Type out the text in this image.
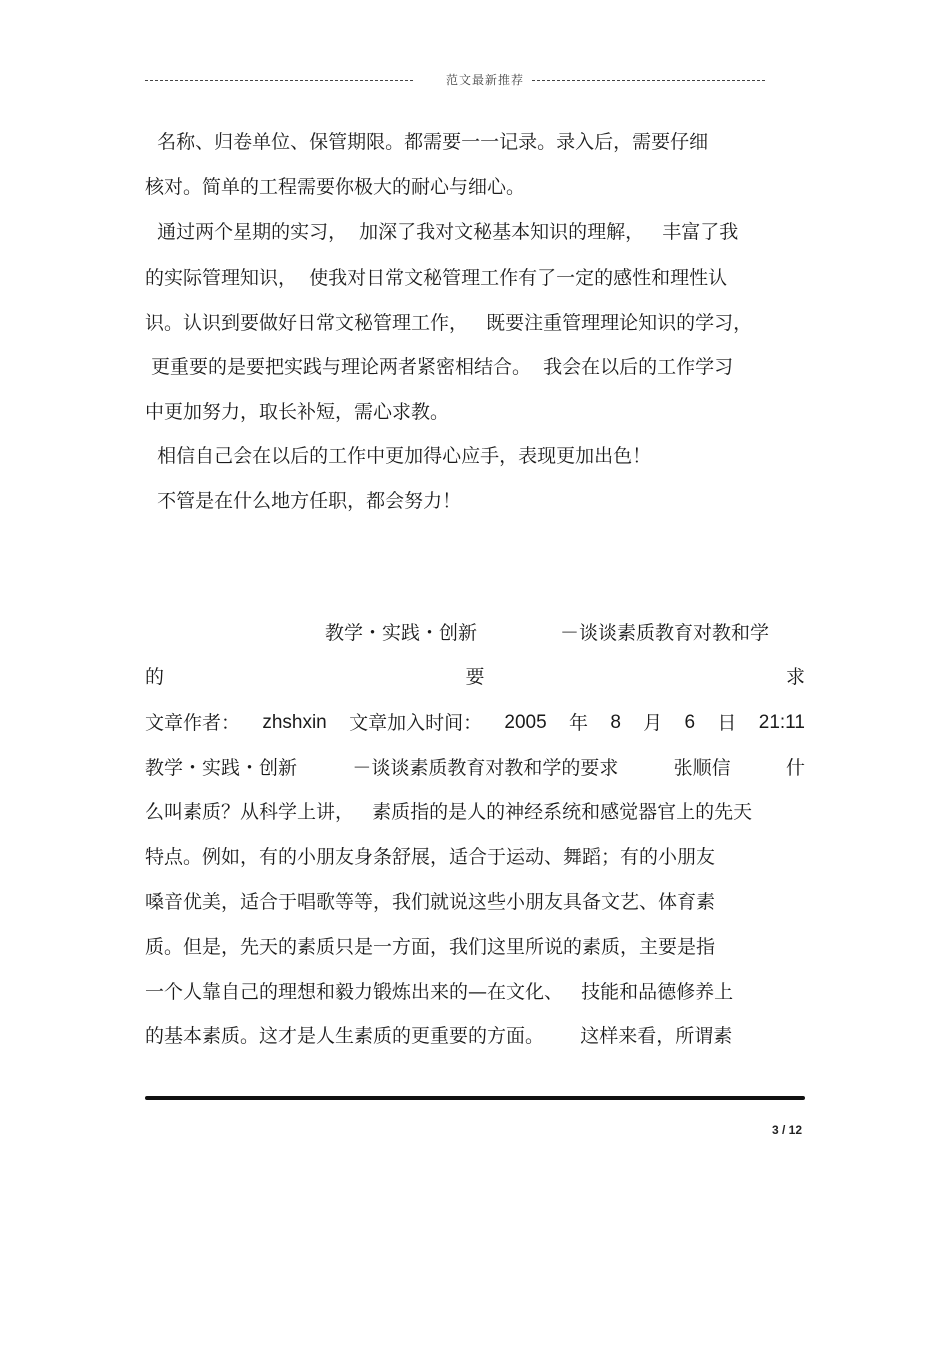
范文最新推荐
名称、归卷单位、保管期限。都需要一一记录。录入后，需要仔细
核对。简单的工程需要你极大的耐心与细心。
通过两个星期的实习，  加深了我对文秘基本知识的理解，   丰富了我
的实际管理知识，  使我对日常文秘管理工作有了一定的感性和理性认
识。认识到要做好日常文秘管理工作，   既要注重管理理论知识的学习，
更重要的是要把实践与理论两者紧密相结合。  我会在以后的工作学习
中更加努力，取长补短，需心求教。
相信自己会在以后的工作中更加得心应手，表现更加出色！
不管是在什么地方任职，都会努力！
教学・实践・创新	－谈谈素质教育对教和学
的	要	求
文章作者： zhshxin 文章加入时间： 2005 年 8 月 6 日 21:11
教学・实践・创新	－谈谈素质教育对教和学的要求	张顺信	什
么叫素质？从科学上讲，   素质指的是人的神经系统和感觉器官上的先天
特点。例如，有的小朋友身条舒展，适合于运动、舞蹈；有的小朋友
嗓音优美，适合于唱歌等等，我们就说这些小朋友具备文艺、体育素
质。但是，先天的素质只是一方面，我们这里所说的素质，主要是指
一个人靠自己的理想和毅力锻炼出来的—在文化、   技能和品德修养上
的基本素质。这才是人生素质的更重要的方面。      这样来看，所谓素
3 / 12
